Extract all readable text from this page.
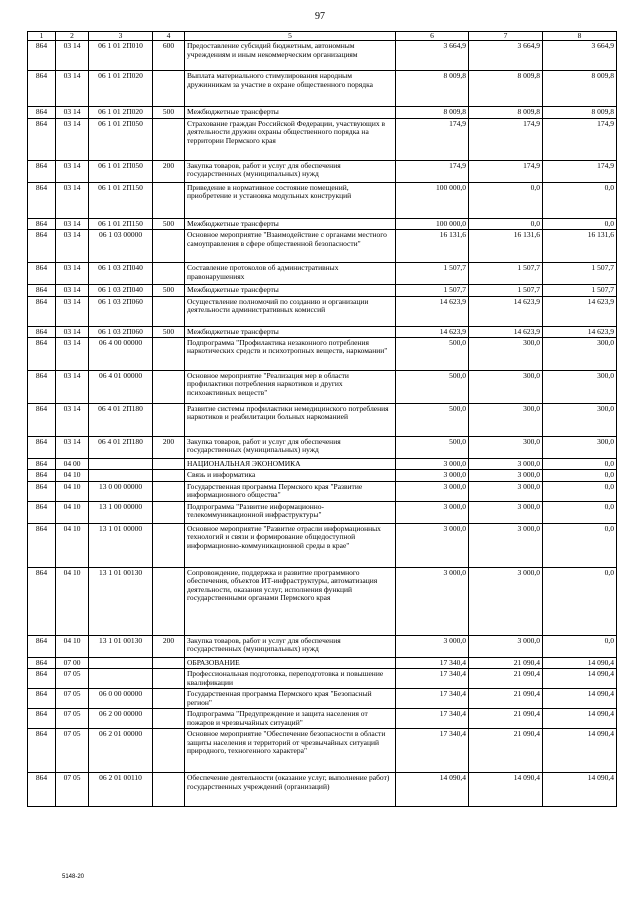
97
1	2	3	4	5	6	7	8
864	03 14	06 1 01 2П010	600	Предоставление субсидий бюджетным, автономным учреждениям и иным некоммерческим организациям	3 664,9	3 664,9	3 664,9
864	03 14	06 1 01 2П020		Выплата материального стимулирования народным дружинникам за участие в охране общественного порядка	8 009,8	8 009,8	8 009,8
864	03 14	06 1 01 2П020	500	Межбюджетные трансферты	8 009,8	8 009,8	8 009,8
864	03 14	06 1 01 2П050		Страхование граждан Российской Федерации, участвующих в деятельности дружин охраны общественного порядка на территории Пермского края	174,9	174,9	174,9
864	03 14	06 1 01 2П050	200	Закупка товаров, работ и услуг для обеспечения государственных (муниципальных) нужд	174,9	174,9	174,9
864	03 14	06 1 01 2П150		Приведение в нормативное состояние помещений, приобретение и установка модульных конструкций	100 000,0	0,0	0,0
864	03 14	06 1 01 2П150	500	Межбюджетные трансферты	100 000,0	0,0	0,0
864	03 14	06 1 03 00000		Основное мероприятие "Взаимодействие с органами местного самоуправления в сфере общественной безопасности"	16 131,6	16 131,6	16 131,6
864	03 14	06 1 03 2П040		Составление протоколов об административных правонарушениях	1 507,7	1 507,7	1 507,7
864	03 14	06 1 03 2П040	500	Межбюджетные трансферты	1 507,7	1 507,7	1 507,7
864	03 14	06 1 03 2П060		Осуществление полномочий по созданию и организации деятельности административных комиссий	14 623,9	14 623,9	14 623,9
864	03 14	06 1 03 2П060	500	Межбюджетные трансферты	14 623,9	14 623,9	14 623,9
864	03 14	06 4 00 00000		Подпрограмма "Профилактика незаконного потребления наркотических средств и психотропных веществ, наркомании"	500,0	300,0	300,0
864	03 14	06 4 01 00000		Основное мероприятие "Реализация мер в области профилактики потребления наркотиков и других психоактивных веществ"	500,0	300,0	300,0
864	03 14	06 4 01 2П180		Развитие системы профилактики немедицинского потребления наркотиков и реабилитации больных наркоманией	500,0	300,0	300,0
864	03 14	06 4 01 2П180	200	Закупка товаров, работ и услуг для обеспечения государственных (муниципальных) нужд	500,0	300,0	300,0
864	04 00			НАЦИОНАЛЬНАЯ ЭКОНОМИКА	3 000,0	3 000,0	0,0
864	04 10			Связь и информатика	3 000,0	3 000,0	0,0
864	04 10	13 0 00 00000		Государственная программа Пермского края "Развитие информационного общества"	3 000,0	3 000,0	0,0
864	04 10	13 1 00 00000		Подпрограмма "Развитие информационно-телекоммуникационной инфраструктуры"	3 000,0	3 000,0	0,0
864	04 10	13 1 01 00000		Основное мероприятие "Развитие отрасли информационных технологий и связи и формирование общедоступной информационно-коммуникационной среды в крае"	3 000,0	3 000,0	0,0
864	04 10	13 1 01 00130		Сопровождение, поддержка и развитие программного обеспечения, объектов ИТ-инфраструктуры, автоматизация деятельности, оказания услуг, исполнения функций государственными органами Пермского края	3 000,0	3 000,0	0,0
864	04 10	13 1 01 00130	200	Закупка товаров, работ и услуг для обеспечения государственных (муниципальных) нужд	3 000,0	3 000,0	0,0
864	07 00			ОБРАЗОВАНИЕ	17 340,4	21 090,4	14 090,4
864	07 05			Профессиональная подготовка, переподготовка и повышение квалификации	17 340,4	21 090,4	14 090,4
864	07 05	06 0 00 00000		Государственная программа Пермского края "Безопасный регион"	17 340,4	21 090,4	14 090,4
864	07 05	06 2 00 00000		Подпрограмма "Предупреждение и защита населения от пожаров и чрезвычайных ситуаций"	17 340,4	21 090,4	14 090,4
864	07 05	06 2 01 00000		Основное мероприятие "Обеспечение безопасности в области защиты населения и территорий от чрезвычайных ситуаций природного, техногенного характера"	17 340,4	21 090,4	14 090,4
864	07 05	06 2 01 00110		Обеспечение деятельности (оказание услуг, выполнение работ) государственных учреждений (организаций)	14 090,4	14 090,4	14 090,4
5148-20
